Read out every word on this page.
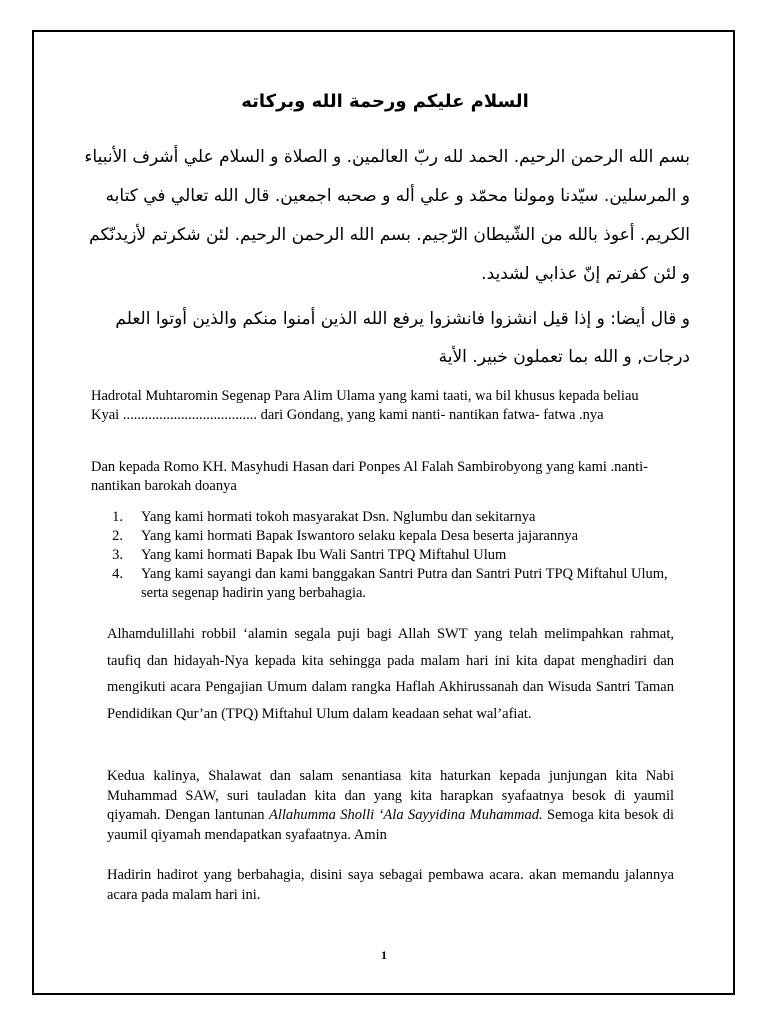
السلام عليكم ورحمة الله وبركاته
بسم الله الرحمن الرحيم. الحمد لله ربّ العالمين. و الصلاة و السلام علي أشرف الأنبياء و المرسلين. سيّدنا ومولنا محمّد و علي أله و صحبه اجمعين. قال الله تعالي في كتابه الكريم. أعوذ بالله من الشّيطان الرّجيم. بسم الله الرحمن الرحيم. لئن شكرتم لأزيدنّكم و لئن كفرتم إنّ عذابي لشديد.
و قال أيضا: و إذا قيل انشزوا فانشزوا يرفع الله الذين أمنوا منكم والذين أوتوا العلم درجات, و الله بما تعملون خبير. الأية
Hadrotal Muhtaromin Segenap Para Alim Ulama yang kami taati, wa bil khusus kepada beliau Kyai ..................................... dari Gondang, yang kami nanti- nantikan fatwa- fatwa .nya
Dan kepada Romo KH. Masyhudi Hasan dari Ponpes Al Falah Sambirobyong yang kami .nanti- nantikan barokah doanya
1.	Yang kami hormati tokoh masyarakat Dsn. Nglumbu dan sekitarnya
2.	Yang kami hormati Bapak Iswantoro selaku kepala Desa beserta jajarannya
3.	Yang kami hormati Bapak Ibu Wali Santri TPQ Miftahul Ulum
4.	Yang kami sayangi dan kami banggakan Santri Putra dan Santri Putri TPQ Miftahul Ulum, serta segenap hadirin yang berbahagia.
Alhamdulillahi robbil ‘alamin segala puji bagi Allah SWT yang telah melimpahkan rahmat, taufiq dan hidayah-Nya kepada kita sehingga pada malam hari ini kita dapat menghadiri dan mengikuti acara Pengajian Umum dalam rangka Haflah Akhirussanah dan Wisuda Santri Taman Pendidikan Qur’an (TPQ) Miftahul Ulum dalam keadaan sehat wal’afiat.
Kedua kalinya, Shalawat dan salam senantiasa kita haturkan kepada junjungan kita Nabi Muhammad SAW, suri tauladan kita dan yang kita harapkan syafaatnya besok di yaumil qiyamah. Dengan lantunan Allahumma Sholli ‘Ala Sayyidina Muhammad. Semoga kita besok di yaumil qiyamah mendapatkan syafaatnya. Amin
Hadirin hadirot yang berbahagia, disini saya sebagai pembawa acara. akan memandu jalannya acara pada malam hari ini.
1
